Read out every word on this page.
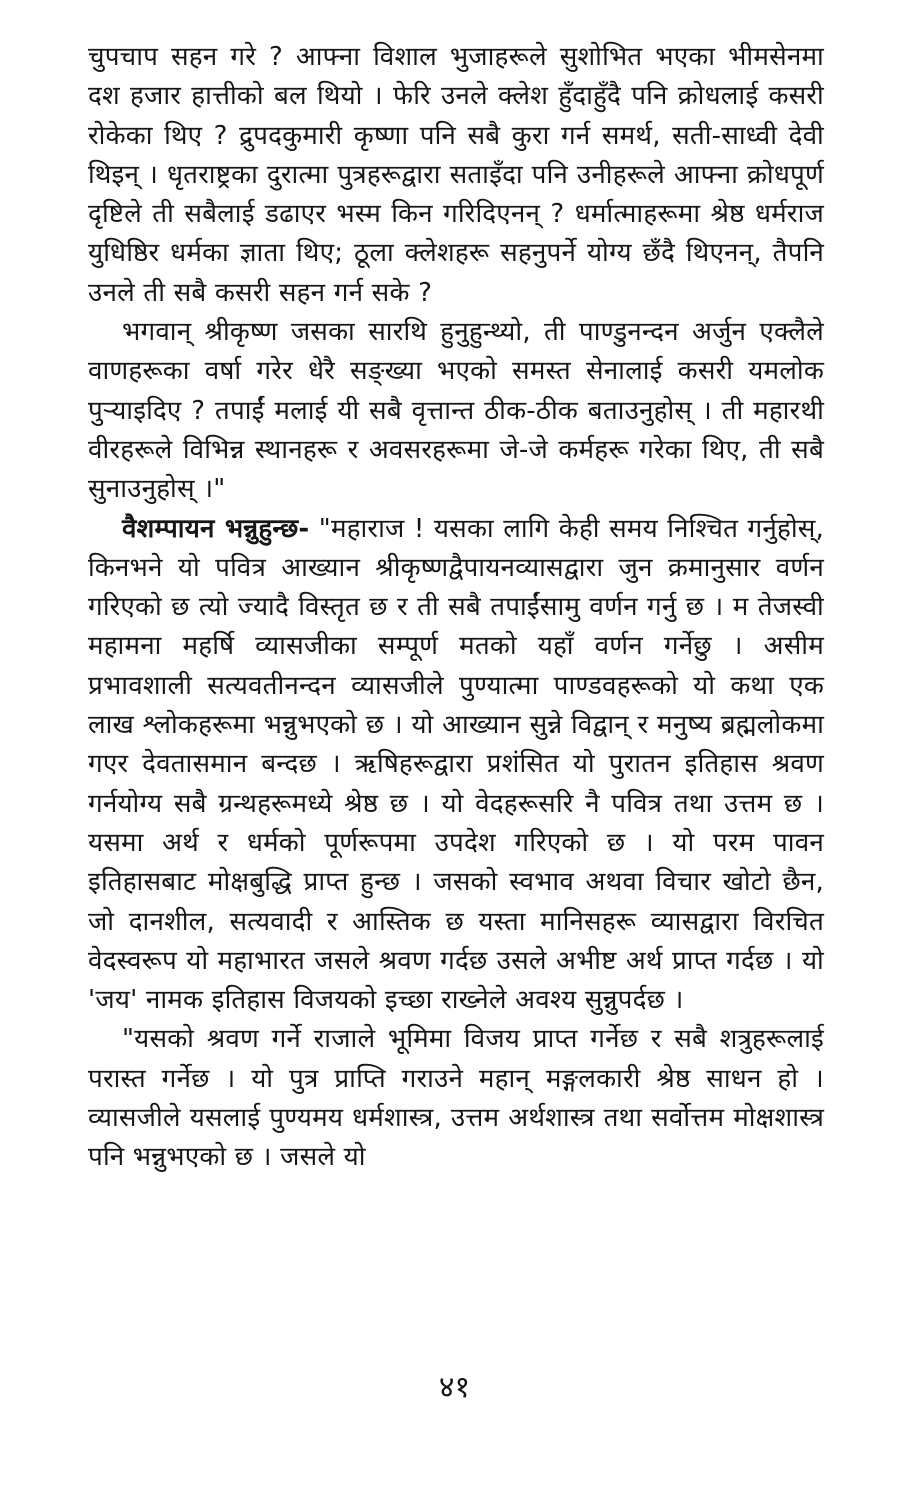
चुपचाप सहन गरे ? आफ्ना विशाल भुजाहरूले सुशोभित भएका भीमसेनमा दश हजार हात्तीको बल थियो । फेरि उनले क्लेश हुँदाहुँदै पनि क्रोधलाई कसरी रोकेका थिए ? द्रुपदकुमारी कृष्णा पनि सबै कुरा गर्न समर्थ, सती-साध्वी देवी थिइन् । धृतराष्ट्रका दुरात्मा पुत्रहरूद्वारा सताइँदा पनि उनीहरूले आफ्ना क्रोधपूर्ण दृष्टिले ती सबैलाई डढाएर भस्म किन गरिदिएनन् ? धर्मात्माहरूमा श्रेष्ठ धर्मराज युधिष्ठिर धर्मका ज्ञाता थिए; ठूला क्लेशहरू सहनुपर्ने योग्य छँदै थिएनन्, तैपनि उनले ती सबै कसरी सहन गर्न सके ?

भगवान् श्रीकृष्ण जसका सारथि हुनुहुन्थ्यो, ती पाण्डुनन्दन अर्जुन एक्लैले वाणहरूका वर्षा गरेर धेरै सङ्ख्या भएको समस्त सेनालाई कसरी यमलोक पुऱ्याइदिए ? तपाईं मलाई यी सबै वृत्तान्त ठीक-ठीक बताउनुहोस् । ती महारथी वीरहरूले विभिन्न स्थानहरू र अवसरहरूमा जे-जे कर्महरू गरेका थिए, ती सबै सुनाउनुहोस् ।"

वैशम्पायन भन्नुहुन्छ- "महाराज ! यसका लागि केही समय निश्चित गर्नुहोस्, किनभने यो पवित्र आख्यान श्रीकृष्णद्वैपायनव्यासद्वारा जुन क्रमानुसार वर्णन गरिएको छ त्यो ज्यादै विस्तृत छ र ती सबै तपाईंसामु वर्णन गर्नु छ । म तेजस्वी महामना महर्षि व्यासजीका सम्पूर्ण मतको यहाँ वर्णन गर्नेछु । असीम प्रभावशाली सत्यवतीनन्दन व्यासजीले पुण्यात्मा पाण्डवहरूको यो कथा एक लाख श्लोकहरूमा भन्नुभएको छ । यो आख्यान सुन्ने विद्वान् र मनुष्य ब्रह्मलोकमा गएर देवतासमान बन्दछ । ऋषिहरूद्वारा प्रशंसित यो पुरातन इतिहास श्रवण गर्नयोग्य सबै ग्रन्थहरूमध्ये श्रेष्ठ छ । यो वेदहरूसरि नै पवित्र तथा उत्तम छ । यसमा अर्थ र धर्मको पूर्णरूपमा उपदेश गरिएको छ । यो परम पावन इतिहासबाट मोक्षबुद्धि प्राप्त हुन्छ । जसको स्वभाव अथवा विचार खोटो छैन, जो दानशील, सत्यवादी र आस्तिक छ यस्ता मानिसहरू व्यासद्वारा विरचित वेदस्वरूप यो महाभारत जसले श्रवण गर्दछ उसले अभीष्ट अर्थ प्राप्त गर्दछ । यो 'जय' नामक इतिहास विजयको इच्छा राख्नेले अवश्य सुन्नुपर्दछ ।

"यसको श्रवण गर्ने राजाले भूमिमा विजय प्राप्त गर्नेछ र सबै शत्रुहरूलाई परास्त गर्नेछ । यो पुत्र प्राप्ति गराउने महान् मङ्गलकारी श्रेष्ठ साधन हो । व्यासजीले यसलाई पुण्यमय धर्मशास्त्र, उत्तम अर्थशास्त्र तथा सर्वोत्तम मोक्षशास्त्र पनि भन्नुभएको छ । जसले यो

४१
